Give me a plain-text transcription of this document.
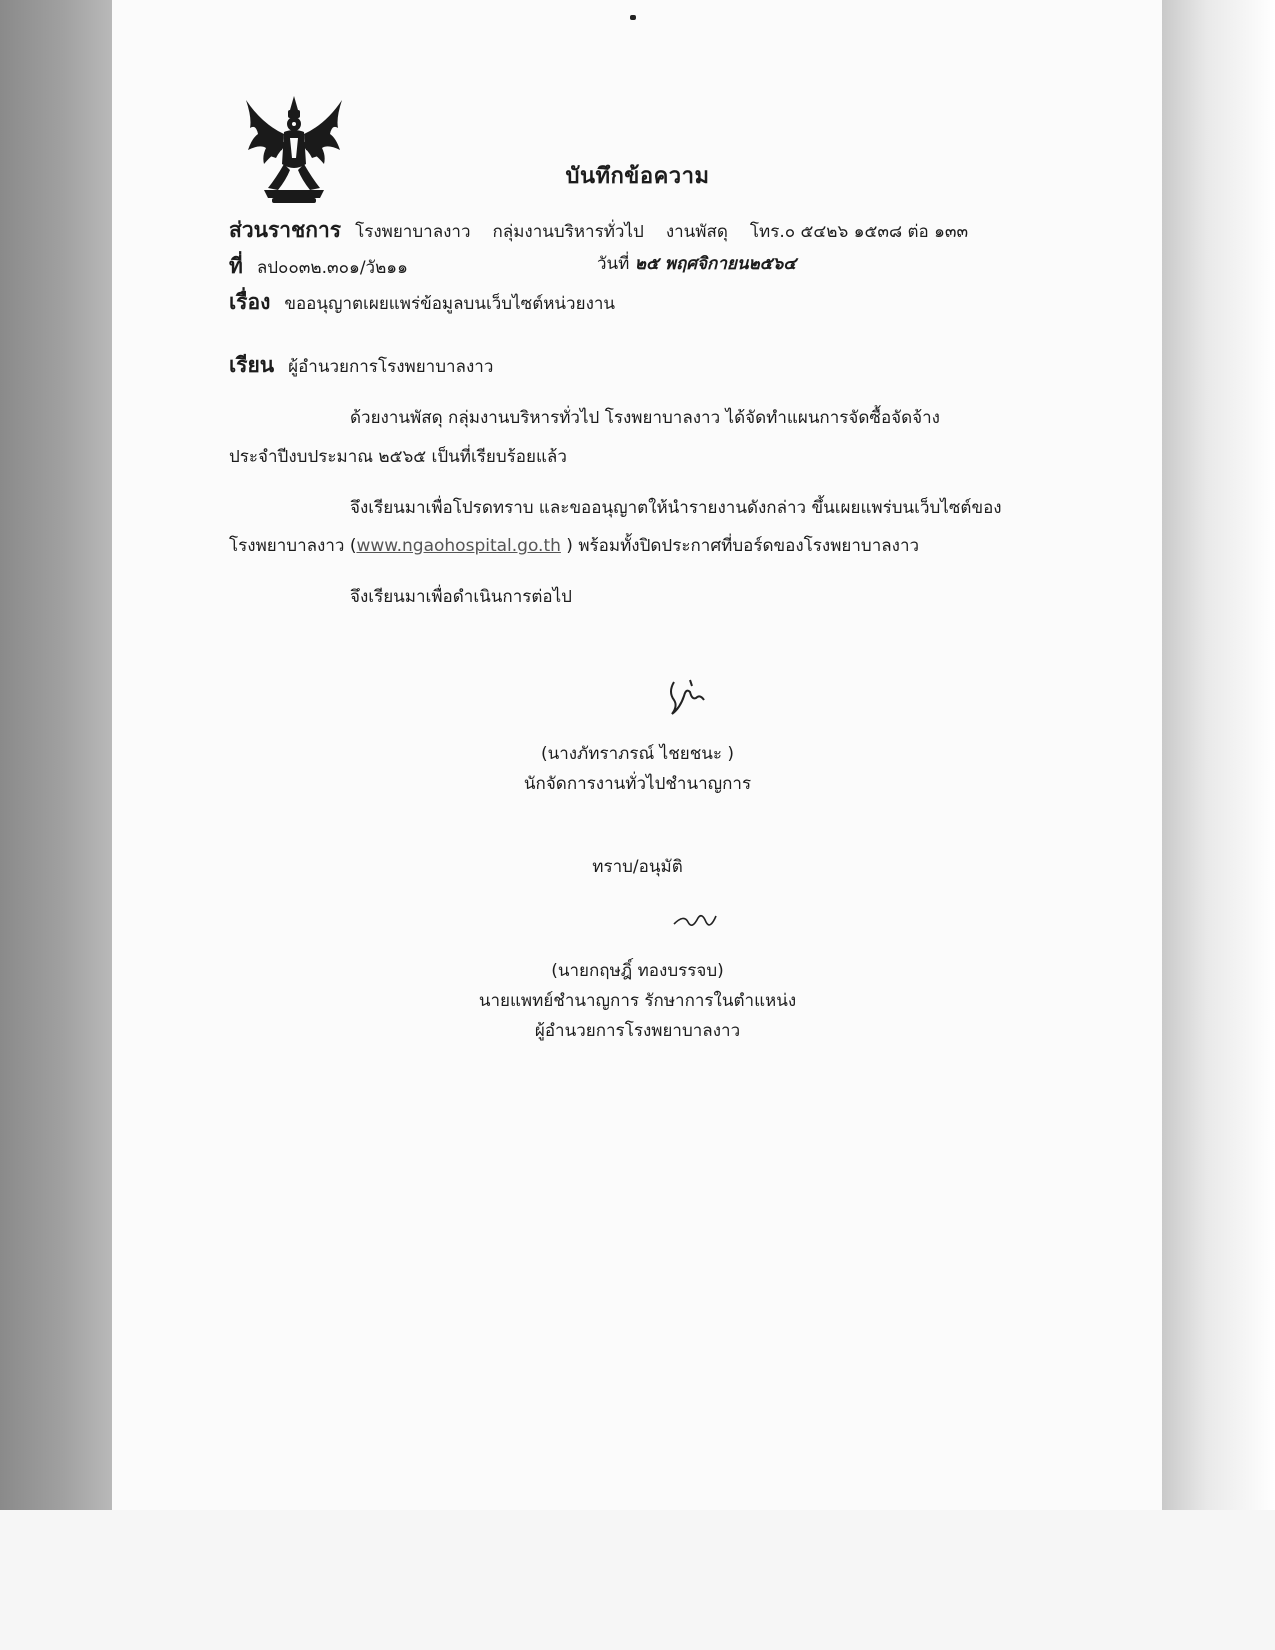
บันทึกข้อความ
ส่วนราชการ โรงพยาบาลงาว กลุ่มงานบริหารทั่วไป งานพัสดุ โทร.๐ ๕๔๒๖ ๑๕๓๘ ต่อ ๑๓๓
ที่ ลป๐๐๓๒.๓๐๑/วั๒๑๑	วันที่ ๒๕ พฤศจิกายน๒๕๖๔
เรื่อง ขออนุญาตเผยแพร่ข้อมูลบนเว็บไซต์หน่วยงาน
เรียน ผู้อำนวยการโรงพยาบาลงาว
ด้วยงานพัสดุ กลุ่มงานบริหารทั่วไป โรงพยาบาลงาว ได้จัดทำแผนการจัดซื้อจัดจ้าง
ประจำปีงบประมาณ ๒๕๖๕ เป็นที่เรียบร้อยแล้ว
จึงเรียนมาเพื่อโปรดทราบ และขออนุญาตให้นำรายงานดังกล่าว ขึ้นเผยแพร่บนเว็บไซต์ของ
โรงพยาบาลงาว (www.ngaohospital.go.th ) พร้อมทั้งปิดประกาศที่บอร์ดของโรงพยาบาลงาว
จึงเรียนมาเพื่อดำเนินการต่อไป
(นางภัทราภรณ์ ไชยชนะ )
นักจัดการงานทั่วไปชำนาญการ
ทราบ/อนุมัติ
(นายกฤษฎิ์ ทองบรรจบ)
นายแพทย์ชำนาญการ รักษาการในตำแหน่ง
ผู้อำนวยการโรงพยาบาลงาว
